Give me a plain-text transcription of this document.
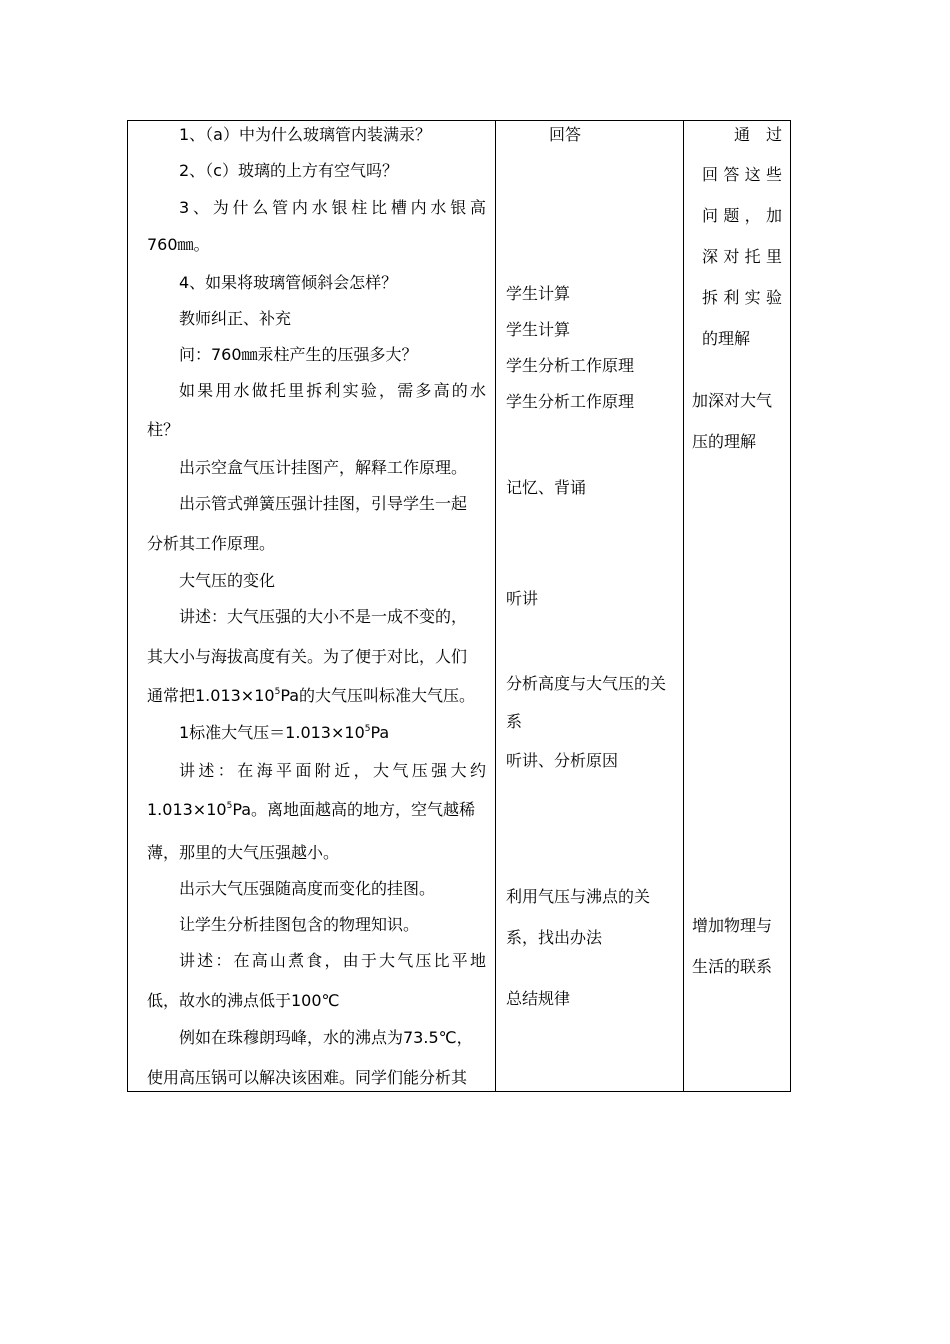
1、（a）中为什么玻璃管内装满汞？
2、（c）玻璃的上方有空气吗？
3、为什么管内水银柱比槽内水银高
760㎜。
4、如果将玻璃管倾斜会怎样？
教师纠正、补充
问：760㎜汞柱产生的压强多大？
如果用水做托里拆利实验，需多高的水
柱？
出示空盒气压计挂图产，解释工作原理。
出示管式弹簧压强计挂图，引导学生一起
分析其工作原理。
大气压的变化
讲述：大气压强的大小不是一成不变的，
其大小与海拔高度有关。为了便于对比，人们
通常把$1.013\times 10^5Pa$的大气压叫标准大气压。
1标准大气压$=1.013\times 10^5Pa$
讲述：在海平面附近，大气压强大约
$1.013\times 10^5Pa$。离地面越高的地方，空气越稀
薄，那里的大气压强越小。
出示大气压强随高度而变化的挂图。
让学生分析挂图包含的物理知识。
讲述：在高山煮食，由于大气压比平地
低，故水的沸点低于100℃
例如在珠穆朗玛峰，水的沸点为73.5℃，
使用高压锅可以解决该困难。同学们能分析其
回答
学生计算
学生计算
学生分析工作原理
学生分析工作原理
记忆、背诵
听讲
分析高度与大气压的关
系
听讲、分析原因
利用气压与沸点的关
系，找出办法
总结规律
通　过
回答这些
问题，加
深对托里
拆利实验
的理解
加深对大气
压的理解
增加物理与
生活的联系
